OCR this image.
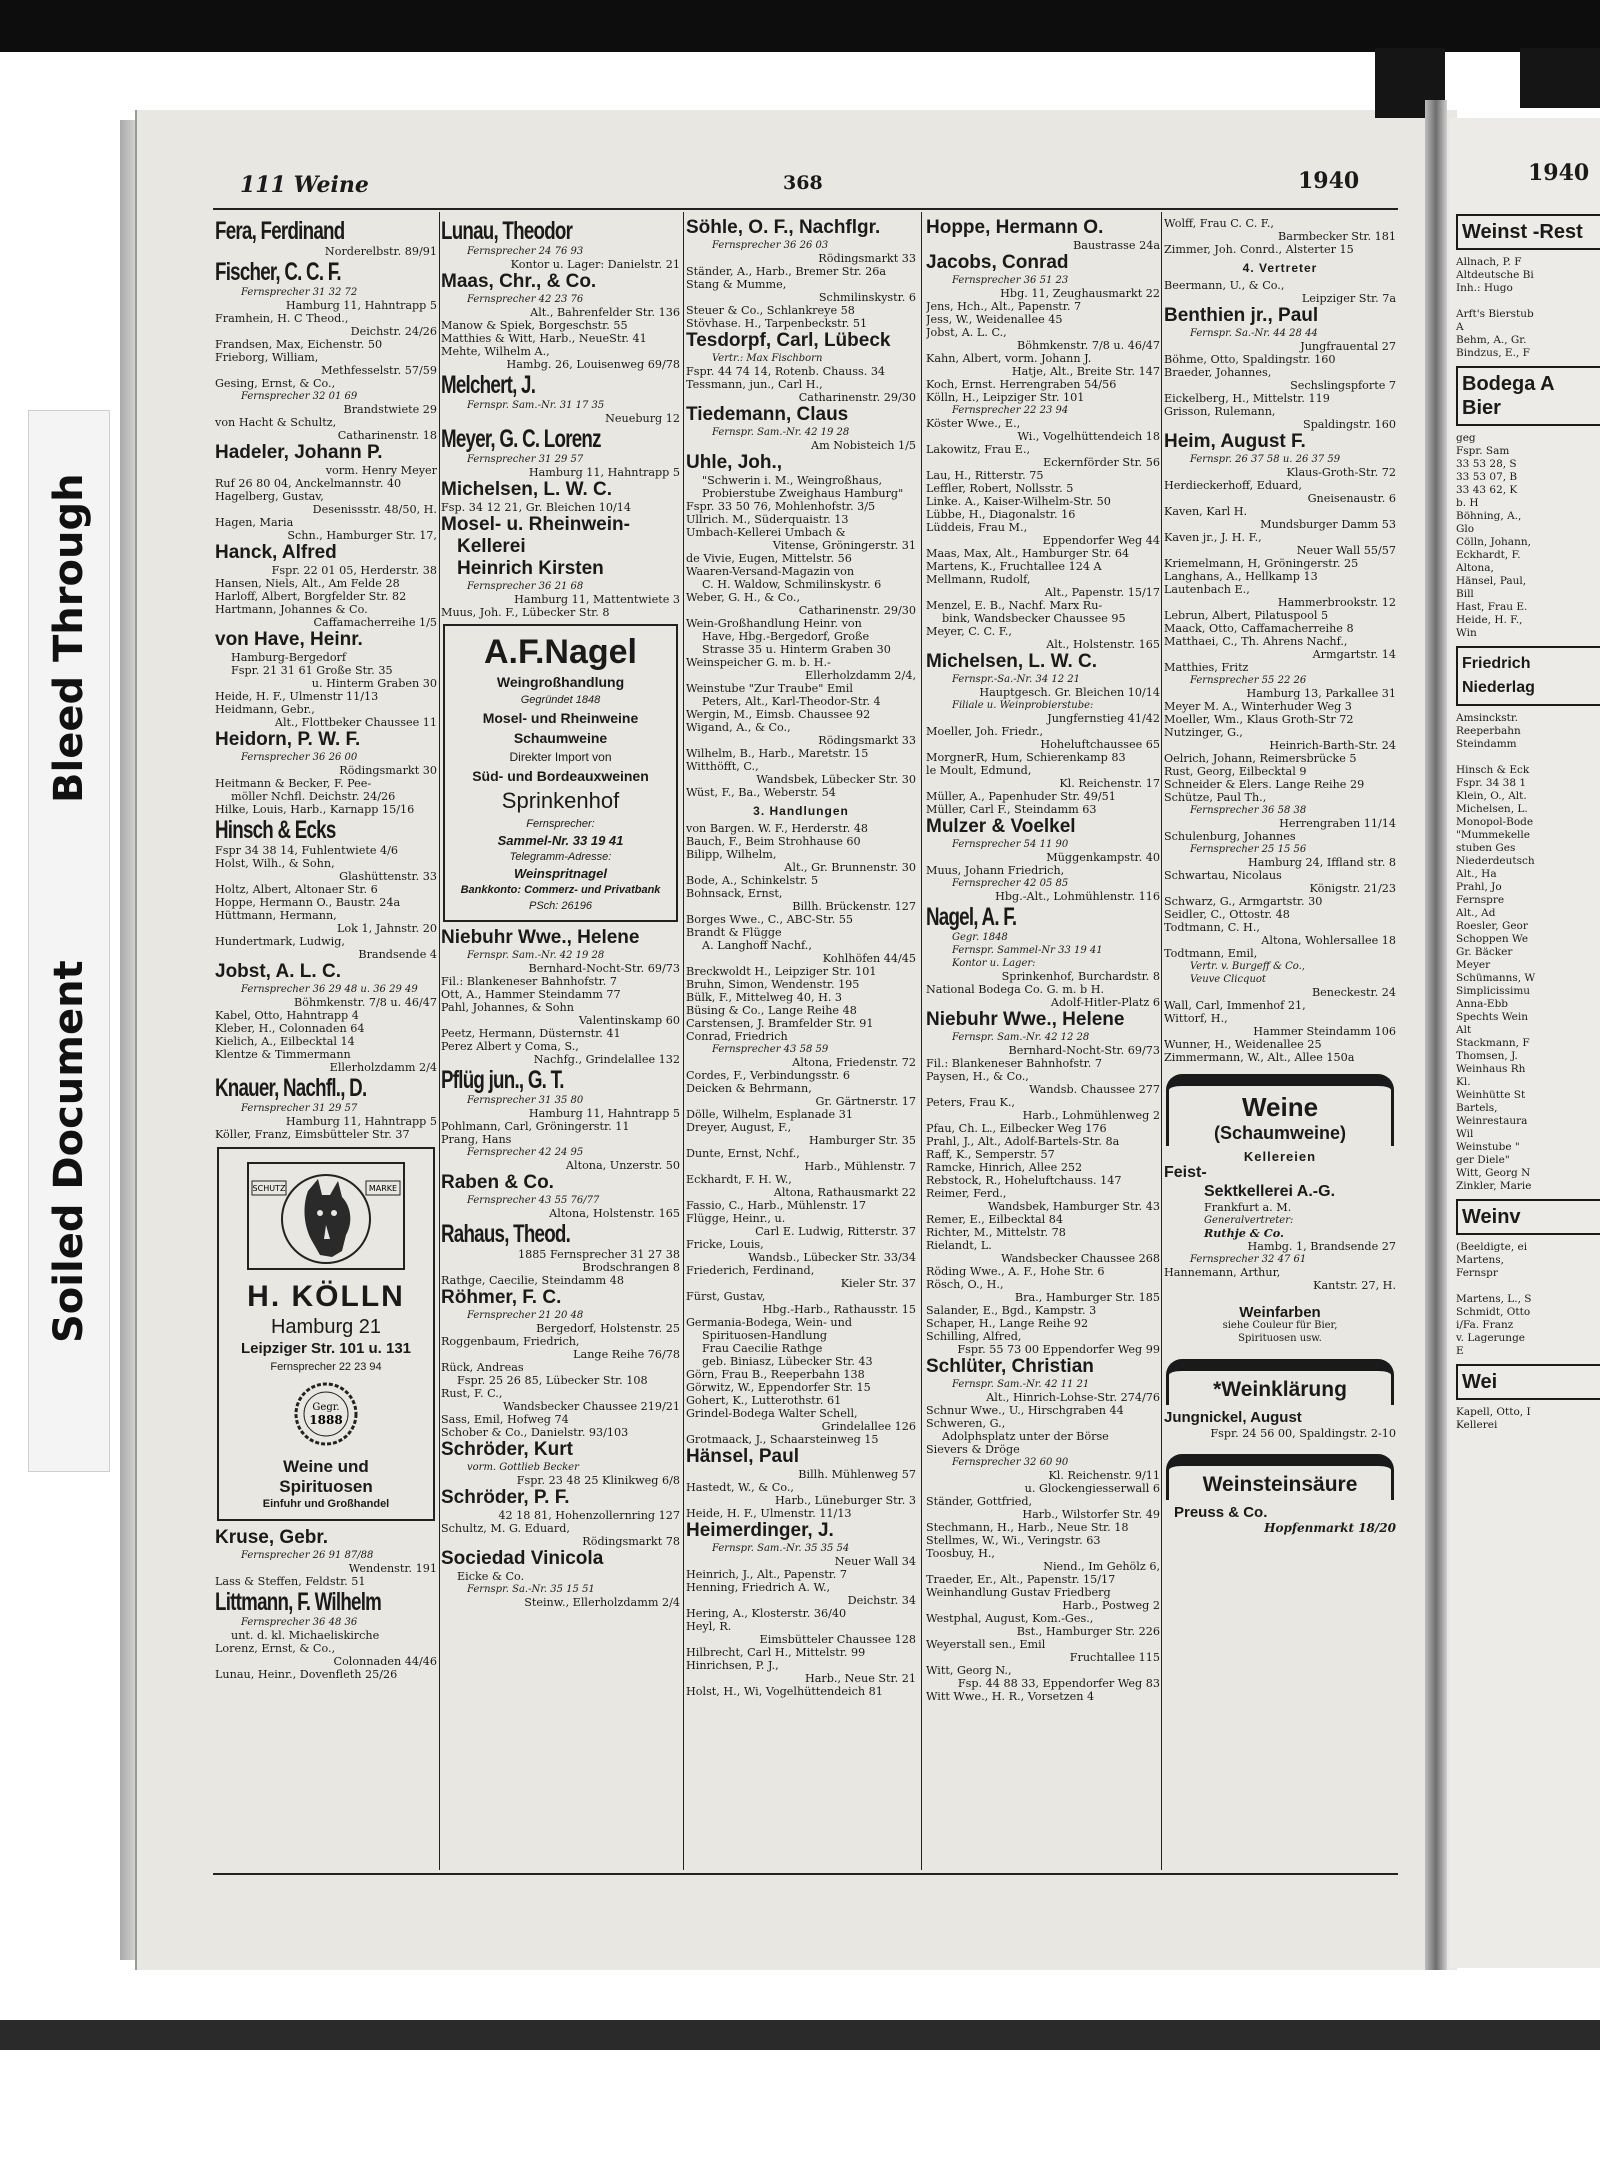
Bleed Through
Soiled Document
1940
Weinst -Rest
Allnach, P. F
Altdeutsche Bi
Inh.: Hugo
Arft's Bierstub
A
Behm, A., Gr.
Bindzus, E., F
Bodega A Bier
geg
Fspr. Sam
33 53 28, S
33 53 07, B
33 43 62, K
b. H
Böhning, A.,
Glo
Cölln, Johann,
Eckhardt, F.
Altona,
Hänsel, Paul,
Bill
Hast, Frau E.
Heide, H. F.,
Win
Friedrich Niederlag
Amsinckstr.
Reeperbahn
Steindamm
Hinsch & Eck
Fspr. 34 38 1
Klein, O., Alt.
Michelsen, L.
Monopol-Bode
"Mummekelle
stuben Ges
Niederdeutsch
Alt., Ha
Prahl, Jo
Fernspre
Alt., Ad
Roesler, Geor
Schoppen We
Gr. Bäcker
Meyer
Schümanns, W
Simplicissimu
Anna-Ebb
Spechts Wein
Alt
Stackmann, F
Thomsen, J.
Weinhaus Rh
Kl.
Weinhütte St
Bartels,
Weinrestaura
Wil
Weinstube "
ger Diele"
Witt, Georg N
Zinkler, Marie
Weinv
(Beeldigte, ei
Martens,
Fernspr
Martens, L., S
Schmidt, Otto
i/Fa. Franz
v. Lagerunge
E
Wei
Kapell, Otto, I
Kellerei
111 Weine	368	1940
Fera, Ferdinand
Norderelbstr. 89/91
Fischer, C. C. F.
Fernsprecher 31 32 72
Hamburg 11, Hahntrapp 5
Framhein, H. C Theod.,
Deichstr. 24/26
Frandsen, Max, Eichenstr. 50
Frieborg, William,
Methfesselstr. 57/59
Gesing, Ernst, & Co.,
Fernsprecher 32 01 69
Brandstwiete 29
von Hacht & Schultz,
Catharinenstr. 18
Hadeler, Johann P.
vorm. Henry Meyer
Ruf 26 80 04, Anckelmannstr. 40
Hagelberg, Gustav,
Desenissstr. 48/50, H.
Hagen, Maria
Schn., Hamburger Str. 17,
Hanck, Alfred
Fspr. 22 01 05, Herderstr. 38
Hansen, Niels, Alt., Am Felde 28
Harloff, Albert, Borgfelder Str. 82
Hartmann, Johannes & Co.
Caffamacherreihe 1/5
von Have, Heinr.
Hamburg-Bergedorf
Fspr. 21 31 61 Große Str. 35
u. Hinterm Graben 30
Heide, H. F., Ulmenstr 11/13
Heidmann, Gebr.,
Alt., Flottbeker Chaussee 11
Heidorn, P. W. F.
Fernsprecher 36 26 00
Rödingsmarkt 30
Heitmann & Becker, F. Pee-
möller Nchfl. Deichstr. 24/26
Hilke, Louis, Harb., Karnapp 15/16
Hinsch & Ecks
Fspr 34 38 14, Fuhlentwiete 4/6
Holst, Wilh., & Sohn,
Glashüttenstr. 33
Holtz, Albert, Altonaer Str. 6
Hoppe, Hermann O., Baustr. 24a
Hüttmann, Hermann,
Lok 1, Jahnstr. 20
Hundertmark, Ludwig,
Brandsende 4
Jobst, A. L. C.
Fernsprecher 36 29 48 u. 36 29 49
Böhmkenstr. 7/8 u. 46/47
Kabel, Otto, Hahntrapp 4
Kleber, H., Colonnaden 64
Kielich, A., Eilbecktal 14
Klentze & Timmermann
Ellerholzdamm 2/4
Knauer, Nachfl., D.
Fernsprecher 31 29 57
Hamburg 11, Hahntrapp 5
Köller, Franz, Eimsbütteler Str. 37
SCHUTZ	MARKE
H. KÖLLN
Hamburg 21
Leipziger Str. 101 u. 131
Fernsprecher 22 23 94
Gegr.
1888
Weine und
Spirituosen
Einfuhr und Großhandel
Kruse, Gebr.
Fernsprecher 26 91 87/88
Wendenstr. 191
Lass & Steffen, Feldstr. 51
Littmann, F. Wilhelm
Fernsprecher 36 48 36
unt. d. kl. Michaeliskirche
Lorenz, Ernst, & Co.,
Colonnaden 44/46
Lunau, Heinr., Dovenfleth 25/26
Lunau, Theodor
Fernsprecher 24 76 93
Kontor u. Lager: Danielstr. 21
Maas, Chr., & Co.
Fernsprecher 42 23 76
Alt., Bahrenfelder Str. 136
Manow & Spiek, Borgeschstr. 55
Matthies & Witt, Harb., NeueStr. 41
Mehte, Wilhelm A.,
Hambg. 26, Louisenweg 69/78
Melchert, J.
Fernspr. Sam.-Nr. 31 17 35
Neueburg 12
Meyer, G. C. Lorenz
Fernsprecher 31 29 57
Hamburg 11, Hahntrapp 5
Michelsen, L. W. C.
Fsp. 34 12 21, Gr. Bleichen 10/14
Mosel- u. Rheinwein-
Kellerei
Heinrich Kirsten
Fernsprecher 36 21 68
Hamburg 11, Mattentwiete 3
Muus, Joh. F., Lübecker Str. 8
A.F.Nagel
Weingroßhandlung
Gegründet 1848
Mosel- und Rheinweine
Schaumweine
Direkter Import von
Süd- und Bordeauxweinen
Sprinkenhof
Fernsprecher:
Sammel-Nr. 33 19 41
Telegramm-Adresse:
Weinspritnagel
Bankkonto: Commerz- und Privatbank
PSch: 26196
Niebuhr Wwe., Helene
Fernspr. Sam.-Nr. 42 19 28
Bernhard-Nocht-Str. 69/73
Fil.: Blankeneser Bahnhofstr. 7
Ott, A., Hammer Steindamm 77
Pahl, Johannes, & Sohn
Valentinskamp 60
Peetz, Hermann, Düsternstr. 41
Perez Albert y Coma, S.,
Nachfg., Grindelallee 132
Pflüg jun., G. T.
Fernsprecher 31 35 80
Hamburg 11, Hahntrapp 5
Pohlmann, Carl, Gröningerstr. 11
Prang, Hans
Fernsprecher 42 24 95
Altona, Unzerstr. 50
Raben & Co.
Fernsprecher 43 55 76/77
Altona, Holstenstr. 165
Rahaus, Theod.
1885 Fernsprecher 31 27 38
Brodschrangen 8
Rathge, Caecilie, Steindamm 48
Röhmer, F. C.
Fernsprecher 21 20 48
Bergedorf, Holstenstr. 25
Roggenbaum, Friedrich,
Lange Reihe 76/78
Rück, Andreas
Fspr. 25 26 85, Lübecker Str. 108
Rust, F. C.,
Wandsbecker Chaussee 219/21
Sass, Emil, Hofweg 74
Schober & Co., Danielstr. 93/103
Schröder, Kurt
vorm. Gottlieb Becker
Fspr. 23 48 25 Klinikweg 6/8
Schröder, P. F.
42 18 81, Hohenzollernring 127
Schultz, M. G. Eduard,
Rödingsmarkt 78
Sociedad Vinicola
Eicke & Co.
Fernspr. Sa.-Nr. 35 15 51
Steinw., Ellerholzdamm 2/4
Söhle, O. F., Nachflgr.
Fernsprecher 36 26 03
Rödingsmarkt 33
Ständer, A., Harb., Bremer Str. 26a
Stang & Mumme,
Schmilinskystr. 6
Steuer & Co., Schlankreye 58
Stövhase. H., Tarpenbeckstr. 51
Tesdorpf, Carl, Lübeck
Vertr.: Max Fischborn
Fspr. 44 74 14, Rotenb. Chauss. 34
Tessmann, jun., Carl H.,
Catharinenstr. 29/30
Tiedemann, Claus
Fernspr. Sam.-Nr. 42 19 28
Am Nobisteich 1/5
Uhle, Joh.,
"Schwerin i. M., Weingroßhaus, Probierstube Zweighaus Hamburg"
Fspr. 33 50 76, Mohlenhofstr. 3/5
Ullrich. M., Süderquaistr. 13
Umbach-Kellerei Umbach &
Vitense, Gröningerstr. 31
de Vivie, Eugen, Mittelstr. 56
Waaren-Versand-Magazin von
C. H. Waldow, Schmilinskystr. 6
Weber, G. H., & Co.,
Catharinenstr. 29/30
Wein-Großhandlung Heinr. von
Have, Hbg.-Bergedorf, Große
Strasse 35 u. Hinterm Graben 30
Weinspeicher G. m. b. H.-
Ellerholzdamm 2/4,
Weinstube "Zur Traube" Emil
Peters, Alt., Karl-Theodor-Str. 4
Wergin, M., Eimsb. Chaussee 92
Wigand, A., & Co.,
Rödingsmarkt 33
Wilhelm, B., Harb., Maretstr. 15
Witthöfft, C.,
Wandsbek, Lübecker Str. 30
Wüst, F., Ba., Weberstr. 54
3. Handlungen
von Bargen. W. F., Herderstr. 48
Bauch, F., Beim Strohhause 60
Bilipp, Wilhelm,
Alt., Gr. Brunnenstr. 30
Bode, A., Schinkelstr. 5
Bohnsack, Ernst,
Billh. Brückenstr. 127
Borges Wwe., C., ABC-Str. 55
Brandt & Flügge
A. Langhoff Nachf.,
Kohlhöfen 44/45
Breckwoldt H., Leipziger Str. 101
Bruhn, Simon, Wendenstr. 195
Bülk, F., Mittelweg 40, H. 3
Büsing & Co., Lange Reihe 48
Carstensen, J. Bramfelder Str. 91
Conrad, Friedrich
Fernsprecher 43 58 59
Altona, Friedenstr. 72
Cordes, F., Verbindungsstr. 6
Deicken & Behrmann,
Gr. Gärtnerstr. 17
Dölle, Wilhelm, Esplanade 31
Dreyer, August, F.,
Hamburger Str. 35
Dunte, Ernst, Nchf.,
Harb., Mühlenstr. 7
Eckhardt, F. H. W.,
Altona, Rathausmarkt 22
Fassio, C., Harb., Mühlenstr. 17
Flügge, Heinr., u.
Carl E. Ludwig, Ritterstr. 37
Fricke, Louis,
Wandsb., Lübecker Str. 33/34
Friederich, Ferdinand,
Kieler Str. 37
Fürst, Gustav,
Hbg.-Harb., Rathausstr. 15
Germania-Bodega, Wein- und
Spirituosen-Handlung
Frau Caecilie Rathge
geb. Biniasz, Lübecker Str. 43
Görn, Frau B., Reeperbahn 138
Görwitz, W., Eppendorfer Str. 15
Gohert, K., Lutterothstr. 61
Grindel-Bodega Walter Schell,
Grindelallee 126
Grotmaack, J., Schaarsteinweg 15
Hänsel, Paul
Billh. Mühlenweg 57
Hastedt, W., & Co.,
Harb., Lüneburger Str. 3
Heide, H. F., Ulmenstr. 11/13
Heimerdinger, J.
Fernspr. Sam.-Nr. 35 35 54
Neuer Wall 34
Heinrich, J., Alt., Papenstr. 7
Henning, Friedrich A. W.,
Deichstr. 34
Hering, A., Klosterstr. 36/40
Heyl, R.
Eimsbütteler Chaussee 128
Hilbrecht, Carl H., Mittelstr. 99
Hinrichsen, P. J.,
Harb., Neue Str. 21
Holst, H., Wi, Vogelhüttendeich 81
Hoppe, Hermann O.
Baustrasse 24a
Jacobs, Conrad
Fernsprecher 36 51 23
Hbg. 11, Zeughausmarkt 22
Jens, Hch., Alt., Papenstr. 7
Jess, W., Weidenallee 45
Jobst, A. L. C.,
Böhmkenstr. 7/8 u. 46/47
Kahn, Albert, vorm. Johann J.
Hatje, Alt., Breite Str. 147
Koch, Ernst. Herrengraben 54/56
Kölln, H., Leipziger Str. 101
Fernsprecher 22 23 94
Köster Wwe., E.,
Wi., Vogelhüttendeich 18
Lakowitz, Frau E.,
Eckernförder Str. 56
Lau, H., Ritterstr. 75
Leffler, Robert, Nollsstr. 5
Linke. A., Kaiser-Wilhelm-Str. 50
Lübbe, H., Diagonalstr. 16
Lüddeis, Frau M.,
Eppendorfer Weg 44
Maas, Max, Alt., Hamburger Str. 64
Martens, K., Fruchtallee 124 A
Mellmann, Rudolf,
Alt., Papenstr. 15/17
Menzel, E. B., Nachf. Marx Ru-
bink, Wandsbecker Chaussee 95
Meyer, C. C. F.,
Alt., Holstenstr. 165
Michelsen, L. W. C.
Fernspr.-Sa.-Nr. 34 12 21
Hauptgesch. Gr. Bleichen 10/14
Filiale u. Weinprobierstube:
Jungfernstieg 41/42
Moeller, Joh. Friedr.,
Hoheluftchaussee 65
MorgnerR, Hum, Schierenkamp 83
le Moult, Edmund,
Kl. Reichenstr. 17
Müller, A., Papenhuder Str. 49/51
Müller, Carl F., Steindamm 63
Mulzer & Voelkel
Fernsprecher 54 11 90
Müggenkampstr. 40
Muus, Johann Friedrich,
Fernsprecher 42 05 85
Hbg.-Alt., Lohmühlenstr. 116
Nagel, A. F.
Gegr. 1848
Fernspr. Sammel-Nr 33 19 41
Kontor u. Lager:
Sprinkenhof, Burchardstr. 8
National Bodega Co. G. m. b H.
Adolf-Hitler-Platz 6
Niebuhr Wwe., Helene
Fernspr. Sam.-Nr. 42 12 28
Bernhard-Nocht-Str. 69/73
Fil.: Blankeneser Bahnhofstr. 7
Paysen, H., & Co.,
Wandsb. Chaussee 277
Peters, Frau K.,
Harb., Lohmühlenweg 2
Pfau, Ch. L., Eilbecker Weg 176
Prahl, J., Alt., Adolf-Bartels-Str. 8a
Raff, K., Semperstr. 57
Ramcke, Hinrich, Allee 252
Rebstock, R., Hoheluftchauss. 147
Reimer, Ferd.,
Wandsbek, Hamburger Str. 43
Remer, E., Eilbecktal 84
Richter, M., Mittelstr. 78
Rielandt, L.
Wandsbecker Chaussee 268
Röding Wwe., A. F., Hohe Str. 6
Rösch, O., H.,
Bra., Hamburger Str. 185
Salander, E., Bgd., Kampstr. 3
Schaper, H., Lange Reihe 92
Schilling, Alfred,
Fspr. 55 73 00 Eppendorfer Weg 99
Schlüter, Christian
Fernspr. Sam.-Nr. 42 11 21
Alt., Hinrich-Lohse-Str. 274/76
Schnur Wwe., U., Hirschgraben 44
Schweren, G.,
Adolphsplatz unter der Börse
Sievers & Dröge
Fernsprecher 32 60 90
Kl. Reichenstr. 9/11
u. Glockengiesserwall 6
Ständer, Gottfried,
Harb., Wilstorfer Str. 49
Stechmann, H., Harb., Neue Str. 18
Stellmes, W., Wi., Veringstr. 63
Toosbuy, H.,
Niend., Im Gehölz 6,
Traeder, Er., Alt., Papenstr. 15/17
Weinhandlung Gustav Friedberg
Harb., Postweg 2
Westphal, August, Kom.-Ges.,
Bst., Hamburger Str. 226
Weyerstall sen., Emil
Fruchtallee 115
Witt, Georg N.,
Fsp. 44 88 33, Eppendorfer Weg 83
Witt Wwe., H. R., Vorsetzen 4
Wolff, Frau C. C. F.,
Barmbecker Str. 181
Zimmer, Joh. Conrd., Alsterter 15
4. Vertreter
Beermann, U., & Co.,
Leipziger Str. 7a
Benthien jr., Paul
Fernspr. Sa.-Nr. 44 28 44
Jungfrauental 27
Böhme, Otto, Spaldingstr. 160
Braeder, Johannes,
Sechslingspforte 7
Eickelberg, H., Mittelstr. 119
Grisson, Rulemann,
Spaldingstr. 160
Heim, August F.
Fernspr. 26 37 58 u. 26 37 59
Klaus-Groth-Str. 72
Herdieckerhoff, Eduard,
Gneisenaustr. 6
Kaven, Karl H.
Mundsburger Damm 53
Kaven jr., J. H. F.,
Neuer Wall 55/57
Kriemelmann, H, Gröningerstr. 25
Langhans, A., Hellkamp 13
Lautenbach E.,
Hammerbrookstr. 12
Lebrun, Albert, Pilatuspool 5
Maack, Otto, Caffamacherreihe 8
Matthaei, C., Th. Ahrens Nachf.,
Armgartstr. 14
Matthies, Fritz
Fernsprecher 55 22 26
Hamburg 13, Parkallee 31
Meyer M. A., Winterhuder Weg 3
Moeller, Wm., Klaus Groth-Str 72
Nutzinger, G.,
Heinrich-Barth-Str. 24
Oelrich, Johann, Reimersbrücke 5
Rust, Georg, Eilbecktal 9
Schneider & Elers. Lange Reihe 29
Schütze, Paul Th.,
Fernsprecher 36 58 38
Herrengraben 11/14
Schulenburg, Johannes
Fernsprecher 25 15 56
Hamburg 24, Iffland str. 8
Schwartau, Nicolaus
Königstr. 21/23
Schwarz, G., Armgartstr. 30
Seidler, C., Ottostr. 48
Todtmann, C. H.,
Altona, Wohlersallee 18
Todtmann, Emil,
Vertr. v. Burgeff & Co.,
Veuve Clicquot
Beneckestr. 24
Wall, Carl, Immenhof 21,
Wittorf, H.,
Hammer Steindamm 106
Wunner, H., Weidenallee 25
Zimmermann, W., Alt., Allee 150a
Weine
(Schaumweine)
Kellereien
Feist-
Sektkellerei A.-G.
Frankfurt a. M.
Generalvertreter:
Ruthje & Co.
Hambg. 1, Brandsende 27
Fernsprecher 32 47 61
Hannemann, Arthur,
Kantstr. 27, H.
Weinfarben
siehe Couleur für Bier,
Spirituosen usw.
*Weinklärung
Jungnickel, August
Fspr. 24 56 00, Spaldingstr. 2-10
Weinsteinsäure
Preuss & Co.
Hopfenmarkt 18/20
